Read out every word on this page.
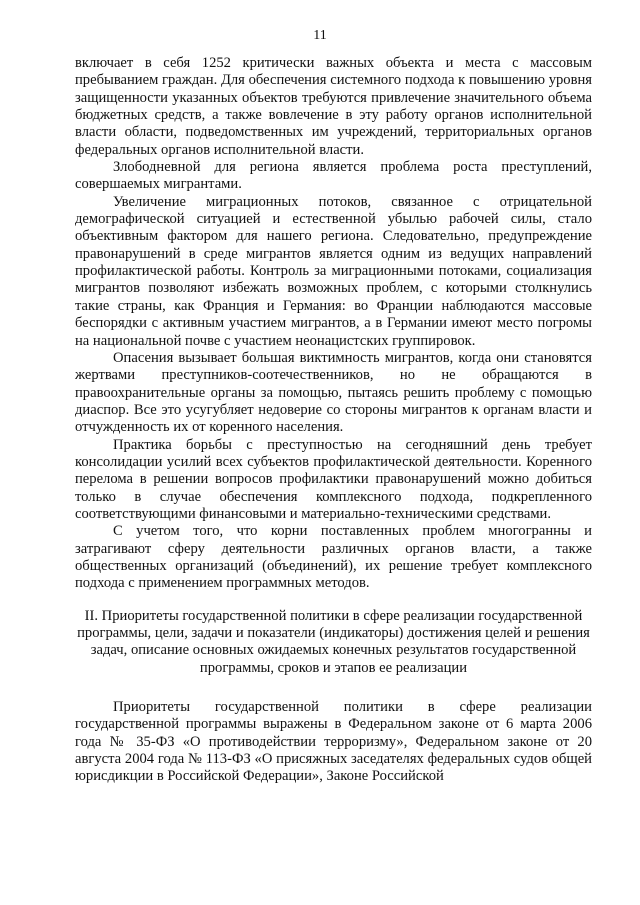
11

включает в себя 1252 критически важных объекта и места с массовым пребыванием граждан. Для обеспечения системного подхода к повышению уровня защищенности указанных объектов требуются привлечение значительного объема бюджетных средств, а также вовлечение в эту работу органов исполнительной власти области, подведомственных им учреждений, территориальных органов федеральных органов исполнительной власти.

Злободневной для региона является проблема роста преступлений, совершаемых мигрантами.

Увеличение миграционных потоков, связанное с отрицательной демографической ситуацией и естественной убылью рабочей силы, стало объективным фактором для нашего региона. Следовательно, предупреждение правонарушений в среде мигрантов является одним из ведущих направлений профилактической работы. Контроль за миграционными потоками, социализация мигрантов позволяют избежать возможных проблем, с которыми столкнулись такие страны, как Франция и Германия: во Франции наблюдаются массовые беспорядки с активным участием мигрантов, а в Германии имеют место погромы на национальной почве с участием неонацистских группировок.

Опасения вызывает большая виктимность мигрантов, когда они становятся жертвами преступников-соотечественников, но не обращаются в правоохранительные органы за помощью, пытаясь решить проблему с помощью диаспор. Все это усугубляет недоверие со стороны мигрантов к органам власти и отчужденность их от коренного населения.

Практика борьбы с преступностью на сегодняшний день требует консолидации усилий всех субъектов профилактической деятельности. Коренного перелома в решении вопросов профилактики правонарушений можно добиться только в случае обеспечения комплексного подхода, подкрепленного соответствующими финансовыми и материально-техническими средствами.

С учетом того, что корни поставленных проблем многогранны и затрагивают сферу деятельности различных органов власти, а также общественных организаций (объединений), их решение требует комплексного подхода с применением программных методов.

II. Приоритеты государственной политики в сфере реализации государственной программы, цели, задачи и показатели (индикаторы) достижения целей и решения задач, описание основных ожидаемых конечных результатов государственной программы, сроков и этапов ее реализации

Приоритеты государственной политики в сфере реализации государственной программы выражены в Федеральном законе от 6 марта 2006 года № 35-ФЗ «О противодействии терроризму», Федеральном законе от 20 августа 2004 года № 113-ФЗ «О присяжных заседателях федеральных судов общей юрисдикции в Российской Федерации», Законе Российской
